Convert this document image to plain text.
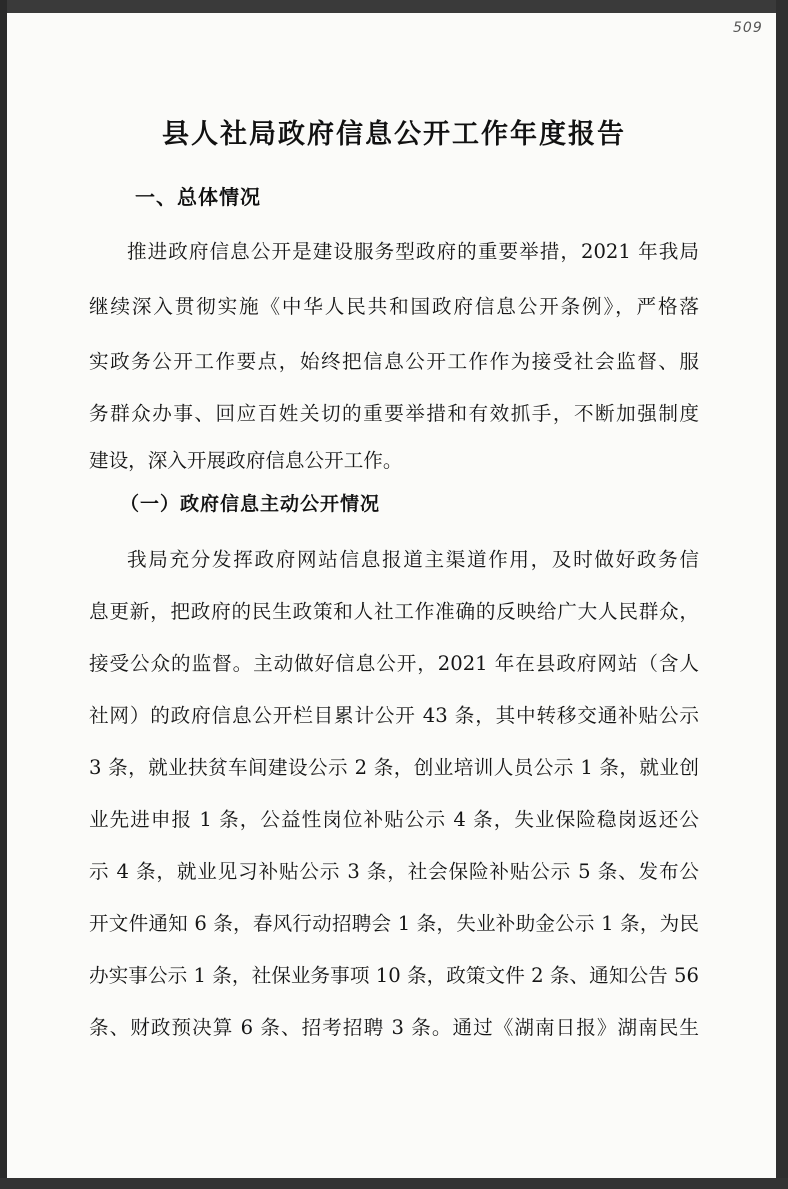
509
县人社局政府信息公开工作年度报告
一、总体情况
推进政府信息公开是建设服务型政府的重要举措，2021 年我局
继续深入贯彻实施《中华人民共和国政府信息公开条例》，严格落
实政务公开工作要点，始终把信息公开工作作为接受社会监督、服
务群众办事、回应百姓关切的重要举措和有效抓手，不断加强制度
建设，深入开展政府信息公开工作。
（一）政府信息主动公开情况
我局充分发挥政府网站信息报道主渠道作用，及时做好政务信
息更新，把政府的民生政策和人社工作准确的反映给广大人民群众，
接受公众的监督。主动做好信息公开，2021 年在县政府网站（含人
社网）的政府信息公开栏目累计公开 43 条，其中转移交通补贴公示
3 条，就业扶贫车间建设公示 2 条，创业培训人员公示 1 条，就业创
业先进申报 1 条，公益性岗位补贴公示 4 条，失业保险稳岗返还公
示 4 条，就业见习补贴公示 3 条，社会保险补贴公示 5 条、发布公
开文件通知 6 条，春风行动招聘会 1 条，失业补助金公示 1 条，为民
办实事公示 1 条，社保业务事项 10 条，政策文件 2 条、通知公告 56
条、财政预决算 6 条、招考招聘 3 条。通过《湖南日报》湖南民生
